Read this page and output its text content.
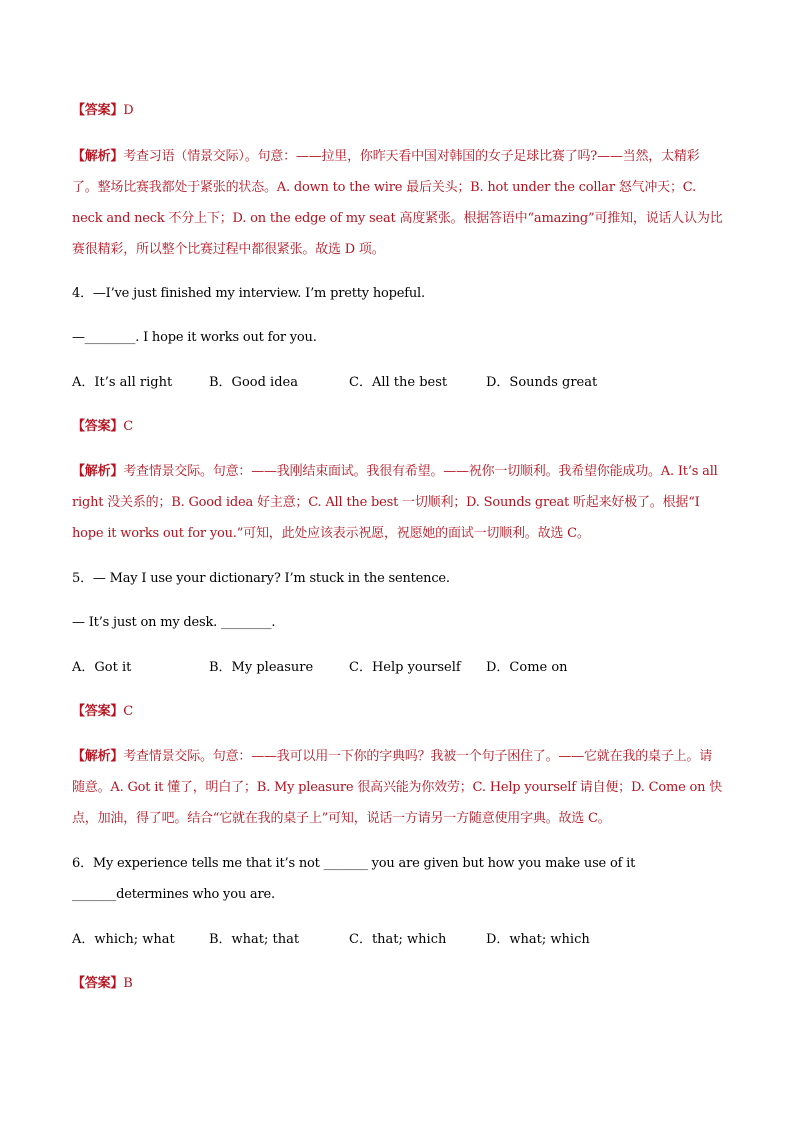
【答案】D
【解析】考查习语（情景交际）。句意：——拉里，你昨天看中国对韩国的女子足球比赛了吗?——当然，太精彩了。整场比赛我都处于紧张的状态。A. down to the wire 最后关头；B. hot under the collar 怒气冲天；C. neck and neck 不分上下；D. on the edge of my seat 高度紧张。根据答语中“amazing”可推知，说话人认为比赛很精彩，所以整个比赛过程中都很紧张。故选 D 项。
4．—I’ve just finished my interview. I’m pretty hopeful.
—________. I hope it works out for you.
A．It’s all right	B．Good idea	C．All the best	D．Sounds great
【答案】C
【解析】考查情景交际。句意：——我刚结束面试。我很有希望。——祝你一切顺利。我希望你能成功。A. It’s all right 没关系的；B. Good idea 好主意；C. All the best 一切顺利；D. Sounds great 听起来好极了。根据“I hope it works out for you.”可知，此处应该表示祝愿，祝愿她的面试一切顺利。故选 C。
5．— May I use your dictionary? I’m stuck in the sentence.
— It’s just on my desk. ________.
A．Got it	B．My pleasure	C．Help yourself	D．Come on
【答案】C
【解析】考查情景交际。句意：——我可以用一下你的字典吗？我被一个句子困住了。——它就在我的桌子上。请随意。A. Got it 懂了，明白了；B. My pleasure 很高兴能为你效劳；C. Help yourself 请自便；D. Come on 快点，加油，得了吧。结合“它就在我的桌子上”可知，说话一方请另一方随意使用字典。故选 C。
6．My experience tells me that it’s not _______ you are given but how you make use of it _______determines who you are.
A．which; what	B．what; that	C．that; which	D．what; which
【答案】B
